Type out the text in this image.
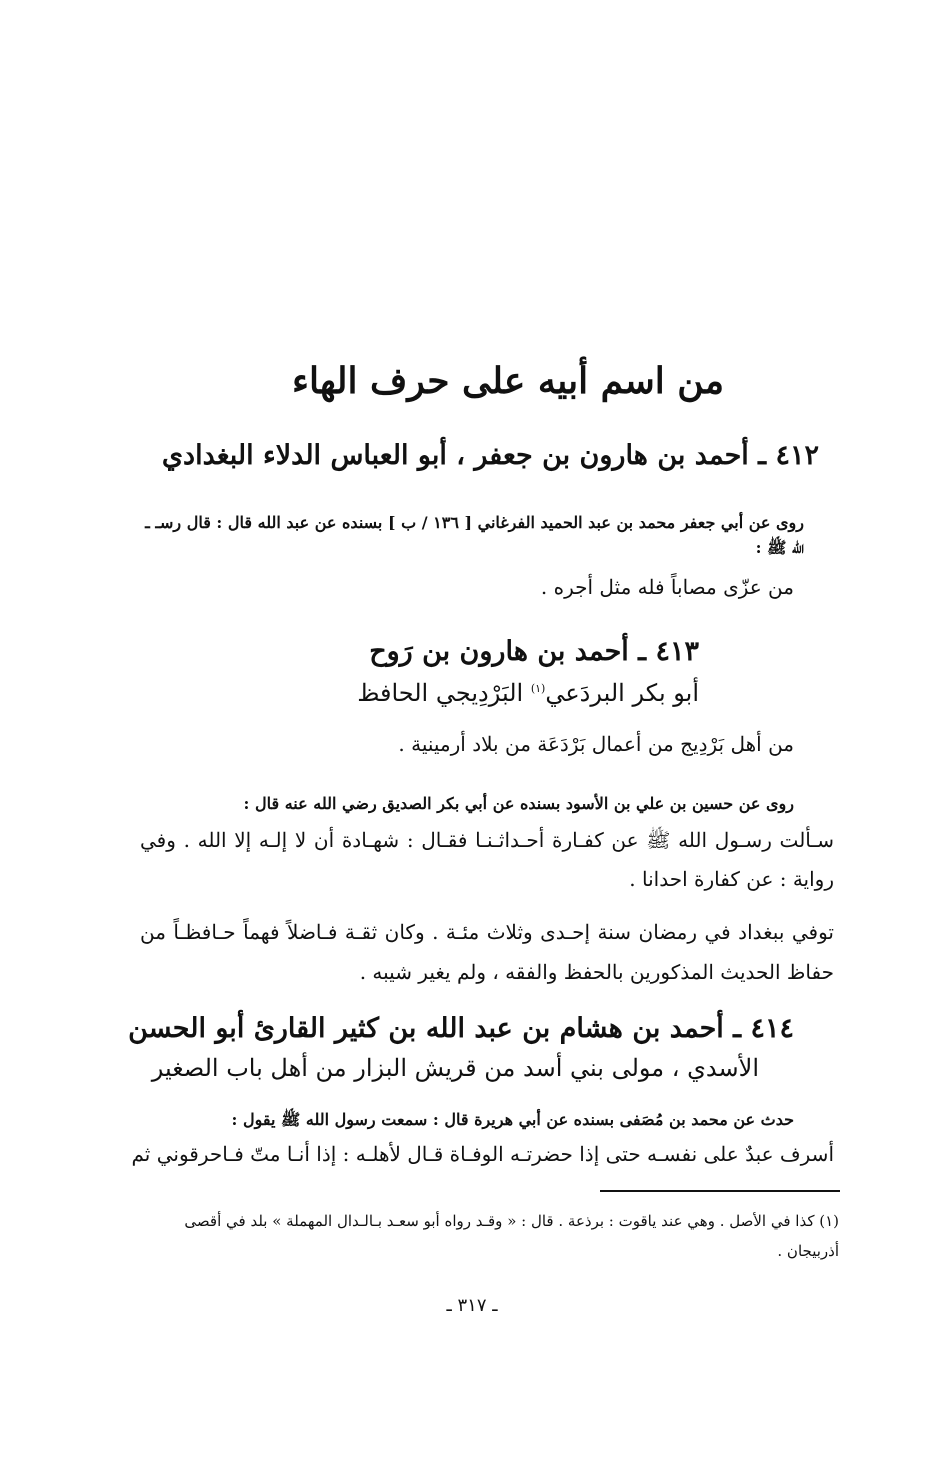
من اسم أبيه على حرف الهاء
٤١٢ ـ أحمد بن هارون بن جعفر ، أبو العباس الدلاء البغدادي
روى عن أبي جعفر محمد بن عبد الحميد الفرغاني [ ١٣٦ / ب ] بسنده عن عبد الله قال : قال رسـ ـ
الله ﷺ :
من عزّى مصاباً فله مثل أجره .
٤١٣ ـ أحمد بن هارون بن رَوح
أبو بكر البردَعي$^{(١)}$ البَرْدِيجي الحافظ
من أهل بَرْدِيج من أعمال بَرْدَعَة من بلاد أرمينية .
روى عن حسين بن علي بن الأسود بسنده عن أبي بكر الصديق رضي الله عنه قال :
سـألت رسـول الله ﷺ عن كفـارة أحـداثـنـا فقـال : شهـادة أن لا إلـه إلا الله . وفي
رواية : عن كفارة احدانا .
توفي ببغداد في رمضان سنة إحـدى وثلاث مئـة . وكان ثقـة فـاضلاً فهماً حـافظـاً من
حفاظ الحديث المذكورين بالحفظ والفقه ، ولم يغير شيبه .
٤١٤ ـ أحمد بن هشام بن عبد الله بن كثير القارئ أبو الحسن
الأسدي ، مولى بني أسد من قريش البزار من أهل باب الصغير
حدث عن محمد بن مُصَفى بسنده عن أبي هريرة قال : سمعت رسول الله ﷺ يقول :
أسرف عبدٌ على نفسـه حتى إذا حضرتـه الوفـاة قـال لأهلـه : إذا أنـا متّ فـاحرقوني ثم
(١) كذا في الأصل . وهي عند ياقوت : برذعة . قال : « وقـد رواه أبو سعـد بـالـدال المهملة » بلد في أقصى
أذربيجان .
ـ ٣١٧ ـ
